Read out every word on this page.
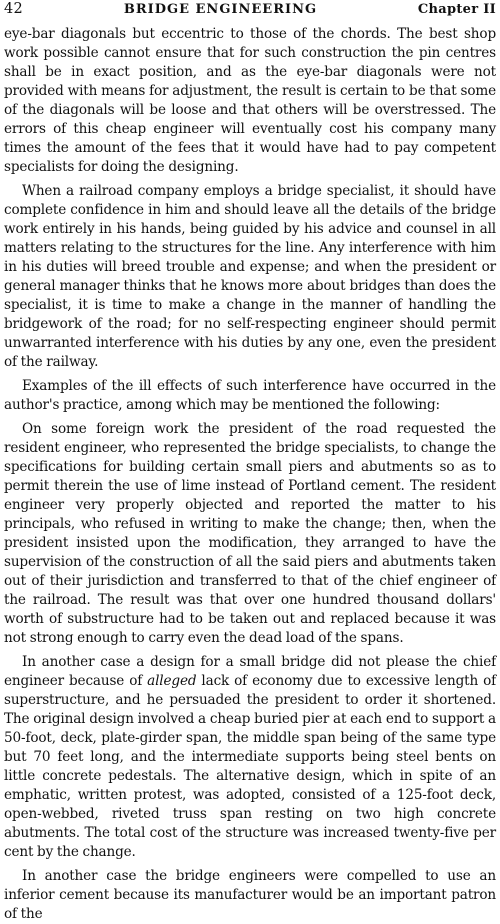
42	BRIDGE ENGINEERING	Chapter II

eye-bar diagonals but eccentric to those of the chords. The best shop work possible cannot ensure that for such construction the pin centres shall be in exact position, and as the eye-bar diagonals were not provided with means for adjustment, the result is certain to be that some of the diagonals will be loose and that others will be overstressed. The errors of this cheap engineer will eventually cost his company many times the amount of the fees that it would have had to pay competent specialists for doing the designing.

When a railroad company employs a bridge specialist, it should have complete confidence in him and should leave all the details of the bridge work entirely in his hands, being guided by his advice and counsel in all matters relating to the structures for the line. Any interference with him in his duties will breed trouble and expense; and when the president or general manager thinks that he knows more about bridges than does the specialist, it is time to make a change in the manner of handling the bridgework of the road; for no self-respecting engineer should permit unwarranted interference with his duties by any one, even the president of the railway.

Examples of the ill effects of such interference have occurred in the author's practice, among which may be mentioned the following:

On some foreign work the president of the road requested the resident engineer, who represented the bridge specialists, to change the specifications for building certain small piers and abutments so as to permit therein the use of lime instead of Portland cement. The resident engineer very properly objected and reported the matter to his principals, who refused in writing to make the change; then, when the president insisted upon the modification, they arranged to have the supervision of the construction of all the said piers and abutments taken out of their jurisdiction and transferred to that of the chief engineer of the railroad. The result was that over one hundred thousand dollars' worth of substructure had to be taken out and replaced because it was not strong enough to carry even the dead load of the spans.

In another case a design for a small bridge did not please the chief engineer because of alleged lack of economy due to excessive length of superstructure, and he persuaded the president to order it shortened. The original design involved a cheap buried pier at each end to support a 50-foot, deck, plate-girder span, the middle span being of the same type but 70 feet long, and the intermediate supports being steel bents on little concrete pedestals. The alternative design, which in spite of an emphatic, written protest, was adopted, consisted of a 125-foot deck, open-webbed, riveted truss span resting on two high concrete abutments. The total cost of the structure was increased twenty-five per cent by the change.

In another case the bridge engineers were compelled to use an inferior cement because its manufacturer would be an important patron of the
